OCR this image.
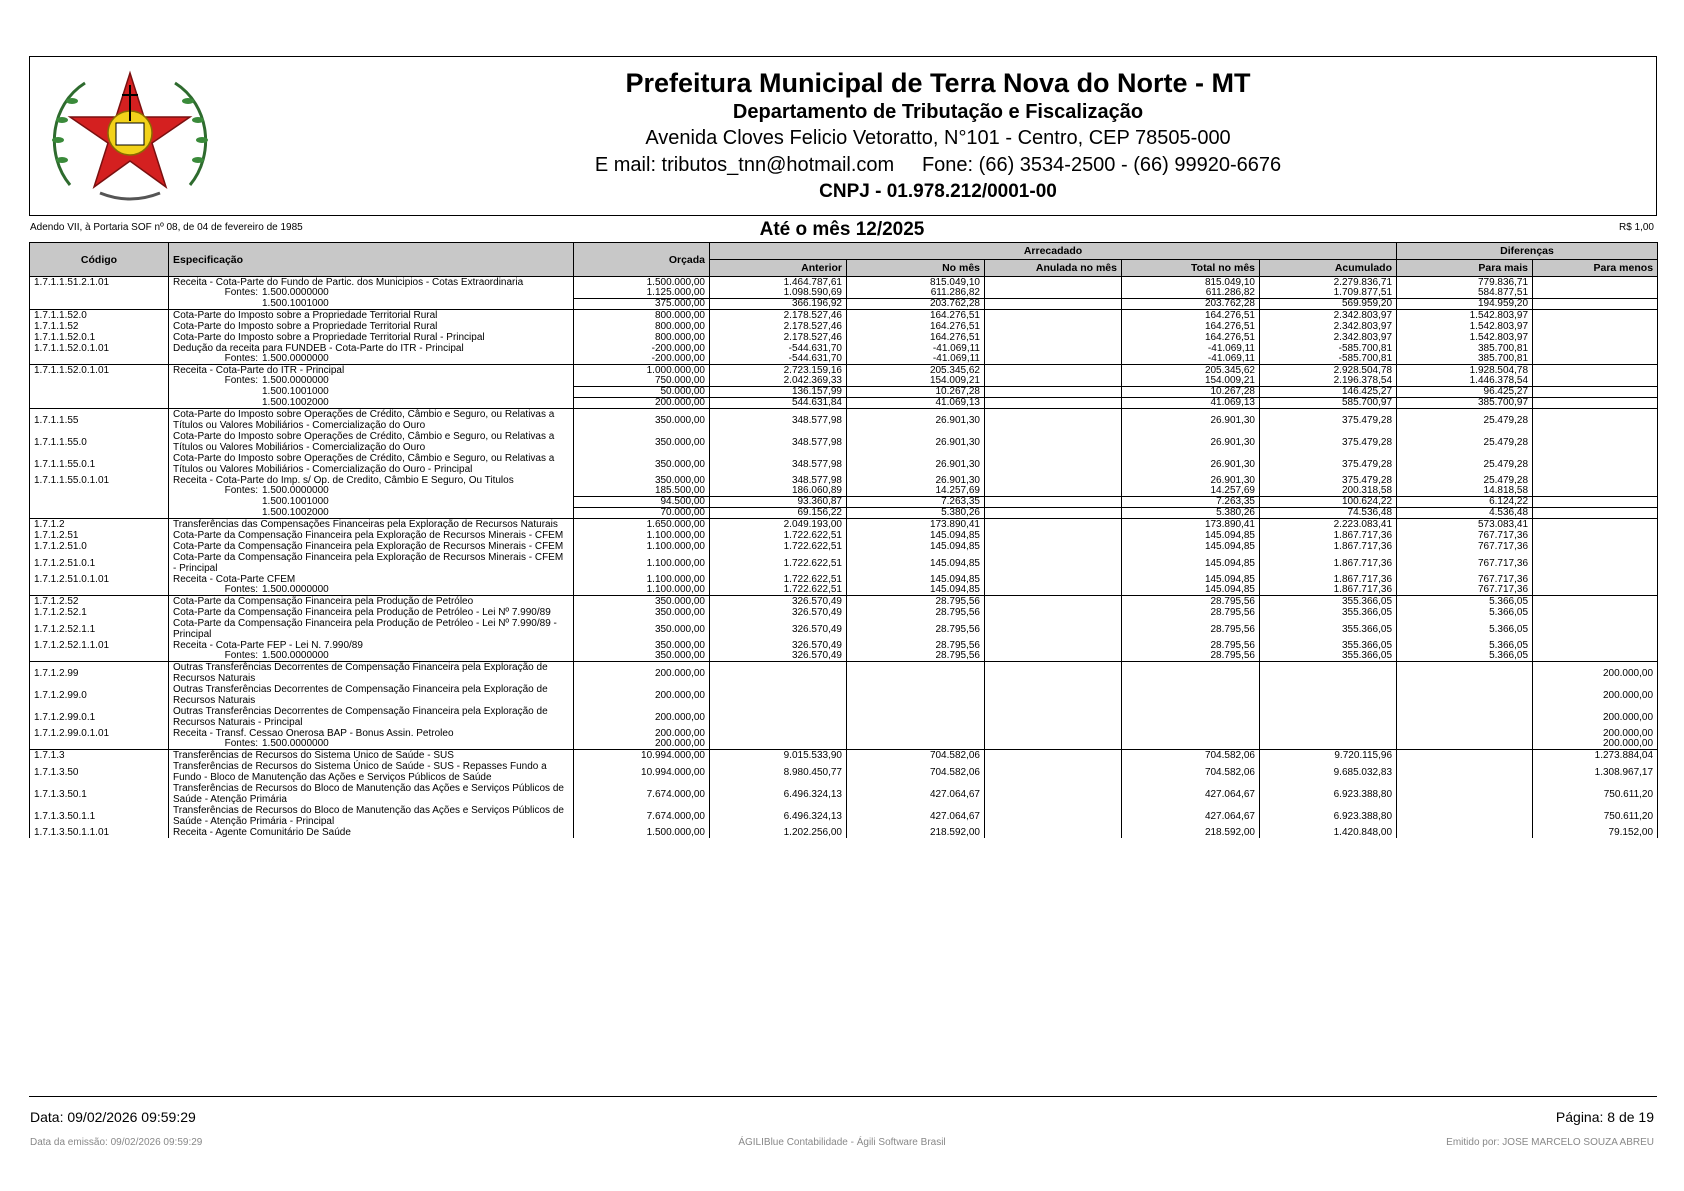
Prefeitura Municipal de Terra Nova do Norte - MT
Departamento de Tributação e Fiscalização
Avenida Cloves Felicio Vetoratto, N°101 - Centro, CEP 78505-000
E mail: tributos_tnn@hotmail.com     Fone: (66) 3534-2500 - (66) 99920-6676
CNPJ - 01.978.212/0001-00
Adendo VII, à Portaria SOF nº 08, de 04 de fevereiro de 1985	Até o mês 12/2025	R$ 1,00
Código	Especificação	Orçada	Arrecadado					Diferenças	
			Anterior	No mês	Anulada no mês	Total no mês	Acumulado	Para mais	Para menos
1.7.1.1.51.2.1.01	Receita - Cota-Parte do Fundo de Partic. dos Municipios - Cotas Extraordinaria	1.500.000,00	1.464.787,61	815.049,10		815.049,10	2.279.836,71	779.836,71	
	Fontes: 1.500.0000000	1.125.000,00	1.098.590,69	611.286,82		611.286,82	1.709.877,51	584.877,51	
	1.500.1001000	375.000,00	366.196,92	203.762,28		203.762,28	569.959,20	194.959,20	
1.7.1.1.52.0	Cota-Parte do Imposto sobre a Propriedade Territorial Rural	800.000,00	2.178.527,46	164.276,51		164.276,51	2.342.803,97	1.542.803,97	
1.7.1.1.52	Cota-Parte do Imposto sobre a Propriedade Territorial Rural	800.000,00	2.178.527,46	164.276,51		164.276,51	2.342.803,97	1.542.803,97	
1.7.1.1.52.0.1	Cota-Parte do Imposto sobre a Propriedade Territorial Rural - Principal	800.000,00	2.178.527,46	164.276,51		164.276,51	2.342.803,97	1.542.803,97	
1.7.1.1.52.0.1.01	Dedução da receita para FUNDEB - Cota-Parte do ITR - Principal	-200.000,00	-544.631,70	-41.069,11		-41.069,11	-585.700,81	385.700,81	
	Fontes: 1.500.0000000	-200.000,00	-544.631,70	-41.069,11		-41.069,11	-585.700,81	385.700,81	
1.7.1.1.52.0.1.01	Receita - Cota-Parte do ITR - Principal	1.000.000,00	2.723.159,16	205.345,62		205.345,62	2.928.504,78	1.928.504,78	
	Fontes: 1.500.0000000	750.000,00	2.042.369,33	154.009,21		154.009,21	2.196.378,54	1.446.378,54	
	1.500.1001000	50.000,00	136.157,99	10.267,28		10.267,28	146.425,27	96.425,27	
	1.500.1002000	200.000,00	544.631,84	41.069,13		41.069,13	585.700,97	385.700,97	
1.7.1.1.55	Cota-Parte do Imposto sobre Operações de Crédito, Câmbio e Seguro, ou Relativas a Títulos ou Valores Mobiliários - Comercialização do Ouro	350.000,00	348.577,98	26.901,30		26.901,30	375.479,28	25.479,28	
1.7.1.1.55.0	Cota-Parte do Imposto sobre Operações de Crédito, Câmbio e Seguro, ou Relativas a Títulos ou Valores Mobiliários - Comercialização do Ouro	350.000,00	348.577,98	26.901,30		26.901,30	375.479,28	25.479,28	
1.7.1.1.55.0.1	Cota-Parte do Imposto sobre Operações de Crédito, Câmbio e Seguro, ou Relativas a Títulos ou Valores Mobiliários - Comercialização do Ouro - Principal	350.000,00	348.577,98	26.901,30		26.901,30	375.479,28	25.479,28	
1.7.1.1.55.0.1.01	Receita - Cota-Parte do Imp. s/ Op. de Credito, Câmbio E Seguro, Ou Titulos	350.000,00	348.577,98	26.901,30		26.901,30	375.479,28	25.479,28	
	Fontes: 1.500.0000000	185.500,00	186.060,89	14.257,69		14.257,69	200.318,58	14.818,58	
	1.500.1001000	94.500,00	93.360,87	7.263,35		7.263,35	100.624,22	6.124,22	
	1.500.1002000	70.000,00	69.156,22	5.380,26		5.380,26	74.536,48	4.536,48	
1.7.1.2	Transferências das Compensações Financeiras pela Exploração de Recursos Naturais	1.650.000,00	2.049.193,00	173.890,41		173.890,41	2.223.083,41	573.083,41	
1.7.1.2.51	Cota-Parte da Compensação Financeira pela Exploração de Recursos Minerais - CFEM	1.100.000,00	1.722.622,51	145.094,85		145.094,85	1.867.717,36	767.717,36	
1.7.1.2.51.0	Cota-Parte da Compensação Financeira pela Exploração de Recursos Minerais - CFEM	1.100.000,00	1.722.622,51	145.094,85		145.094,85	1.867.717,36	767.717,36	
1.7.1.2.51.0.1	Cota-Parte da Compensação Financeira pela Exploração de Recursos Minerais - CFEM - Principal	1.100.000,00	1.722.622,51	145.094,85		145.094,85	1.867.717,36	767.717,36	
1.7.1.2.51.0.1.01	Receita - Cota-Parte CFEM	1.100.000,00	1.722.622,51	145.094,85		145.094,85	1.867.717,36	767.717,36	
	Fontes: 1.500.0000000	1.100.000,00	1.722.622,51	145.094,85		145.094,85	1.867.717,36	767.717,36	
1.7.1.2.52	Cota-Parte da Compensação Financeira pela Produção de Petróleo	350.000,00	326.570,49	28.795,56		28.795,56	355.366,05	5.366,05	
1.7.1.2.52.1	Cota-Parte da Compensação Financeira pela Produção de Petróleo - Lei Nº 7.990/89	350.000,00	326.570,49	28.795,56		28.795,56	355.366,05	5.366,05	
1.7.1.2.52.1.1	Cota-Parte da Compensação Financeira pela Produção de Petróleo - Lei Nº 7.990/89 - Principal	350.000,00	326.570,49	28.795,56		28.795,56	355.366,05	5.366,05	
1.7.1.2.52.1.1.01	Receita - Cota-Parte FEP - Lei N. 7.990/89	350.000,00	326.570,49	28.795,56		28.795,56	355.366,05	5.366,05	
	Fontes: 1.500.0000000	350.000,00	326.570,49	28.795,56		28.795,56	355.366,05	5.366,05	
1.7.1.2.99	Outras Transferências Decorrentes de Compensação Financeira pela Exploração de Recursos Naturais	200.000,00							200.000,00
1.7.1.2.99.0	Outras Transferências Decorrentes de Compensação Financeira pela Exploração de Recursos Naturais	200.000,00							200.000,00
1.7.1.2.99.0.1	Outras Transferências Decorrentes de Compensação Financeira pela Exploração de Recursos Naturais - Principal	200.000,00							200.000,00
1.7.1.2.99.0.1.01	Receita - Transf. Cessao Onerosa BAP - Bonus Assin. Petroleo	200.000,00							200.000,00
	Fontes: 1.500.0000000	200.000,00							200.000,00
1.7.1.3	Transferências de Recursos do Sistema Único de Saúde - SUS	10.994.000,00	9.015.533,90	704.582,06		704.582,06	9.720.115,96		1.273.884,04
1.7.1.3.50	Transferências de Recursos do Sistema Único de Saúde - SUS - Repasses Fundo a Fundo - Bloco de Manutenção das Ações e Serviços Públicos de Saúde	10.994.000,00	8.980.450,77	704.582,06		704.582,06	9.685.032,83		1.308.967,17
1.7.1.3.50.1	Transferências de Recursos do Bloco de Manutenção das Ações e Serviços Públicos de Saúde - Atenção Primária	7.674.000,00	6.496.324,13	427.064,67		427.064,67	6.923.388,80		750.611,20
1.7.1.3.50.1.1	Transferências de Recursos do Bloco de Manutenção das Ações e Serviços Públicos de Saúde - Atenção Primária - Principal	7.674.000,00	6.496.324,13	427.064,67		427.064,67	6.923.388,80		750.611,20
1.7.1.3.50.1.1.01	Receita - Agente Comunitário De Saúde	1.500.000,00	1.202.256,00	218.592,00		218.592,00	1.420.848,00		79.152,00
Data: 09/02/2026 09:59:29	Página: 8 de 19
Data da emissão: 09/02/2026 09:59:29	ÁGILIBlue Contabilidade - Ágili Software Brasil	Emitido por: JOSE MARCELO SOUZA ABREU
